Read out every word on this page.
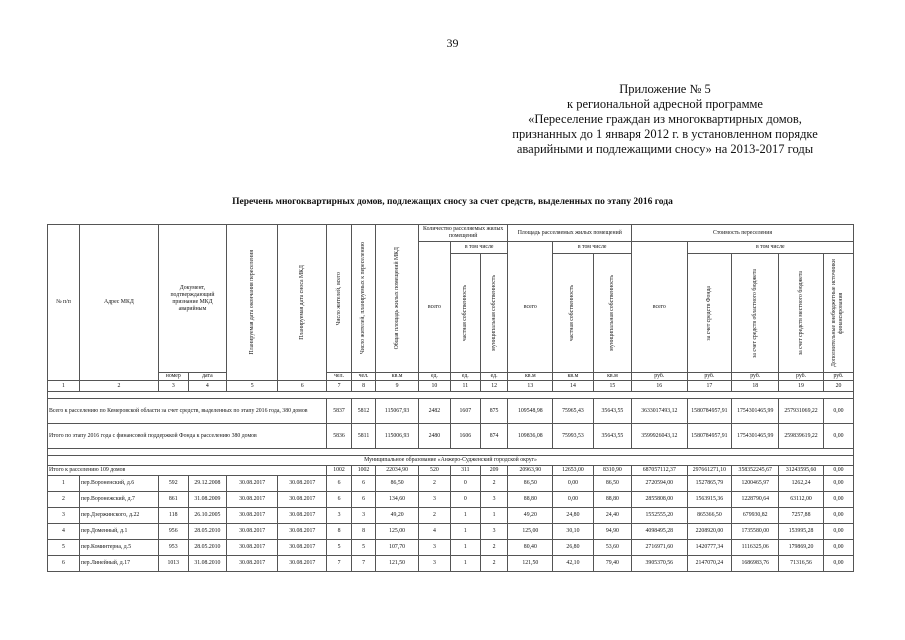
39
Приложение № 5
к региональной адресной программе
«Переселение граждан из многоквартирных домов,
признанных до 1 января 2012 г. в установленном порядке
аварийными и подлежащими сносу» на 2013-2017 годы
Перечень многоквартирных домов, подлежащих сносу за счет средств, выделенных по этапу 2016 года
№ п/п	Адрес МКД	Документ, подтверждающий признание МКД аварийным		Планируемая дата окончания переселения	Планируемая дата сноса МКД	Число жителей, всего	Число жителей, планируемых к переселению	Общая площадь жилых помещений МКД	Количество расселяемых жилых помещений			Площадь расселяемых жилых помещений			Стоимость переселения				
									всего	в том числе		всего	в том числе		всего	в том числе			

										частная собственность	муниципальная собственность		частная собственность	муниципальная собственность		за счет средств Фонда	за счет средств областного бюджета	за счет средств местного бюджета	Дополнительные внебюджетные источники финансирования

		номер	дата			чел.	чел.	кв.м	ед.	ед.	ед.	кв.м	кв.м	кв.м	руб.	руб.	руб.	руб.	руб.
1	2	3	4	5	6	7	8	9	10	11	12	13	14	15	16	17	18	19	20

Всего к расселению по Кемеровской области за счет средств, выделенных по этапу 2016 года, 380 домов						5837	5812	115067,93	2482	1607	875	109548,98	75965,43	35643,55	3633017493,12	1580784957,91	1754301465,99	257931069,22	0,00
Итого по этапу 2016 года с финансовой поддержкой Фонда к расселению 380 домов						5836	5811	115006,93	2480	1606	874	109836,08	75993,53	35643,55	3599926043,12	1580784957,91	1754301465,99	259839619,22	0,00

Муниципальное образование «Анжеро-Судженский городской округ»																			
Итого к расселению 109 домов						1002	1002	22034,90	520	311	209	20963,90	12653,00	8310,90	687057112,37	297661271,10	358352245,67	31243595,60	0,00
1	пер.Вороненский, д.6	592	29.12.2008	30.08.2017	30.08.2017	6	6	86,50	2	0	2	86,50	0,00	86,50	2720594,00	1527865,79	1200465,97	1262,24	0,00
2	пер.Воронежский, д.7	861	31.08.2009	30.08.2017	30.08.2017	6	6	134,60	3	0	3	88,80	0,00	88,80	2855808,00	1563915,36	1228790,64	63112,00	0,00
3	пер.Дзержинского, д.22	118	26.10.2005	30.08.2017	30.08.2017	3	3	49,20	2	1	1	49,20	24,80	24,40	1552555,20	865366,50	679930,82	7257,88	0,00
4	пер.Доменный, д.1	956	28.05.2010	30.08.2017	30.08.2017	8	8	125,00	4	1	3	125,00	30,10	94,90	4098495,28	2208920,00	1735580,00	153995,28	0,00
5	пер.Коминтерна, д.5	953	28.05.2010	30.08.2017	30.08.2017	5	5	107,70	3	1	2	80,40	26,80	53,60	2716971,60	1420777,34	1116325,06	179869,20	0,00
6	пер.Линейный, д.17	1013	31.08.2010	30.08.2017	30.08.2017	7	7	121,50	3	1	2	121,50	42,10	79,40	3905370,56	2147070,24	1686983,76	71316,56	0,00
